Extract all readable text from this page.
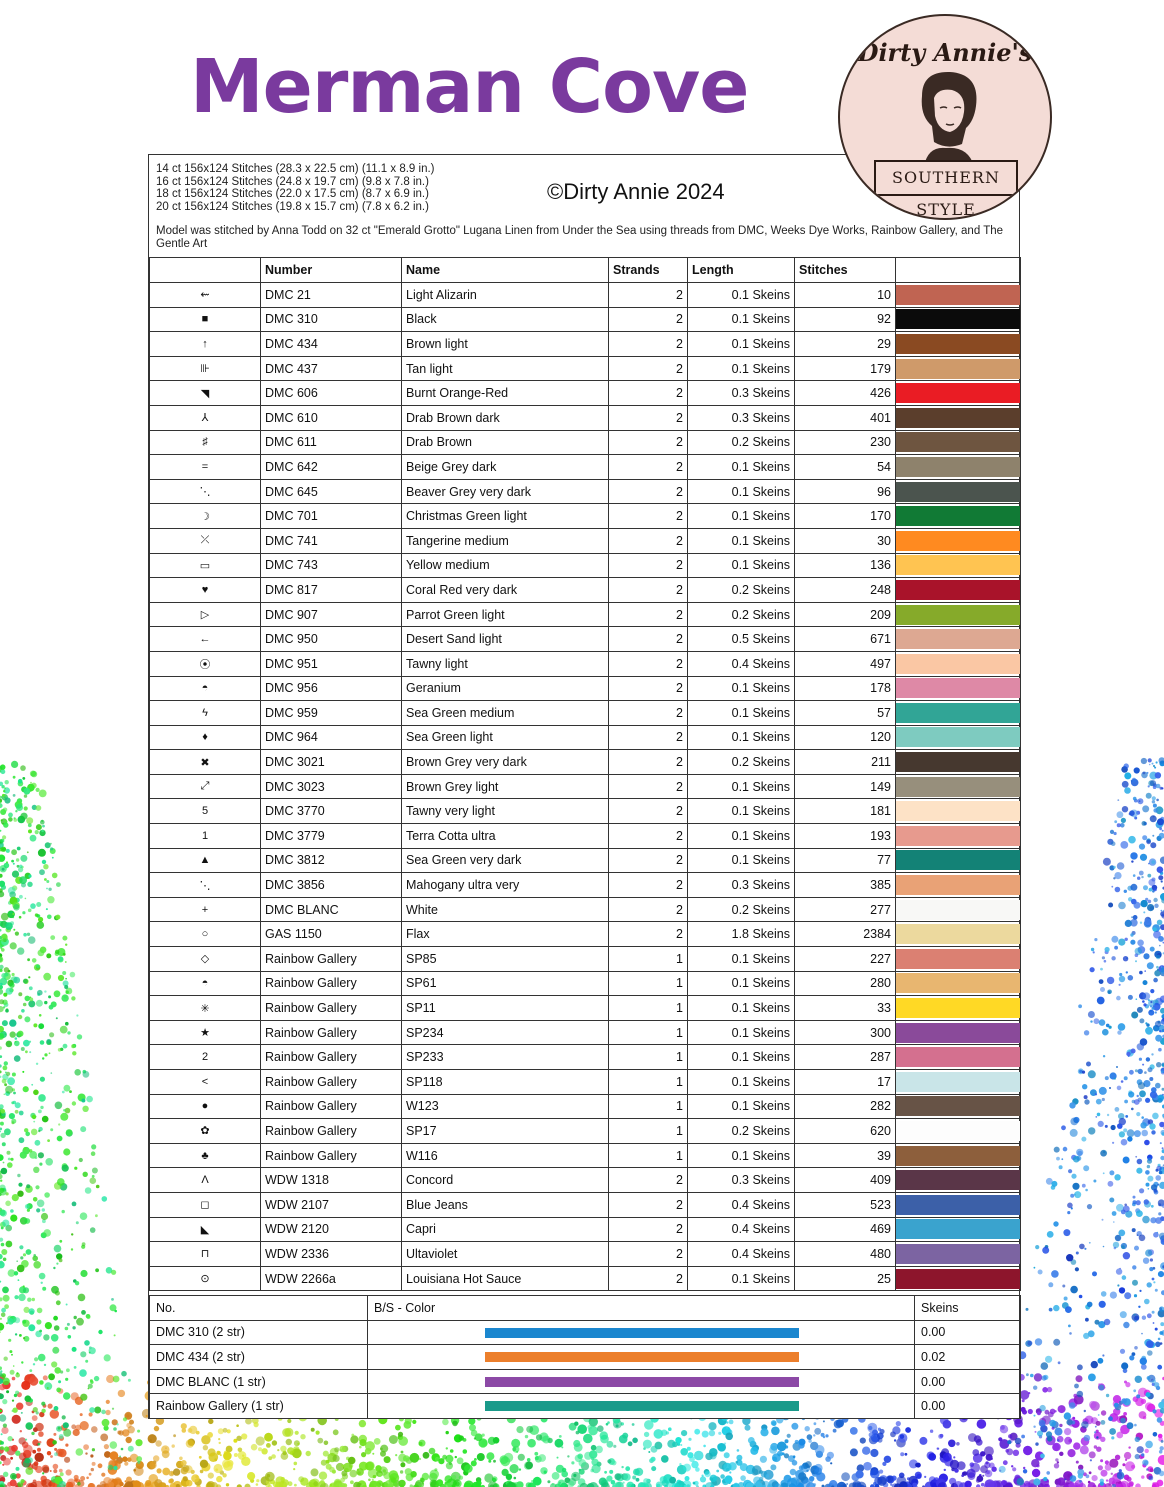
Merman Cove	Dirty Annie's
SOUTHERN STYLE
14 ct 156x124 Stitches (28.3 x 22.5 cm) (11.1 x 8.9 in.)
16 ct 156x124 Stitches (24.8 x 19.7 cm) (9.8 x 7.8 in.)
18 ct 156x124 Stitches (22.0 x 17.5 cm) (8.7 x 6.9 in.)
20 ct 156x124 Stitches (19.8 x 15.7 cm) (7.8 x 6.2 in.)
©Dirty Annie 2024
Model was stitched by Anna Todd on 32 ct "Emerald Grotto" Lugana Linen from Under the Sea using threads from DMC, Weeks Dye Works, Rainbow Gallery, and The Gentle Art
	Number	Name	Strands	Length	Stitches	
⇜	DMC 21	Light Alizarin	2	0.1 Skeins	10	

■	DMC 310	Black	2	0.1 Skeins	92	

↑	DMC 434	Brown light	2	0.1 Skeins	29	

⊪	DMC 437	Tan light	2	0.1 Skeins	179	

◥	DMC 606	Burnt Orange-Red	2	0.3 Skeins	426	

⅄	DMC 610	Drab Brown dark	2	0.3 Skeins	401	

♯	DMC 611	Drab Brown	2	0.2 Skeins	230	

=	DMC 642	Beige Grey dark	2	0.1 Skeins	54	

⋱	DMC 645	Beaver Grey very dark	2	0.1 Skeins	96	

☽	DMC 701	Christmas Green light	2	0.1 Skeins	170	

⤫	DMC 741	Tangerine medium	2	0.1 Skeins	30	

▭	DMC 743	Yellow medium	2	0.1 Skeins	136	

♥	DMC 817	Coral Red very dark	2	0.2 Skeins	248	

▷	DMC 907	Parrot Green light	2	0.2 Skeins	209	

←	DMC 950	Desert Sand light	2	0.5 Skeins	671	

⦿	DMC 951	Tawny light	2	0.4 Skeins	497	

◓	DMC 956	Geranium	2	0.1 Skeins	178	

ϟ	DMC 959	Sea Green medium	2	0.1 Skeins	57	

♦	DMC 964	Sea Green light	2	0.1 Skeins	120	

✖	DMC 3021	Brown Grey very dark	2	0.2 Skeins	211	

⤢	DMC 3023	Brown Grey light	2	0.1 Skeins	149	

5	DMC 3770	Tawny very light	2	0.1 Skeins	181	

1	DMC 3779	Terra Cotta ultra	2	0.1 Skeins	193	

▲	DMC 3812	Sea Green very dark	2	0.1 Skeins	77	

⋱	DMC 3856	Mahogany ultra very	2	0.3 Skeins	385	

+	DMC BLANC	White	2	0.2 Skeins	277	

○	GAS 1150	Flax	2	1.8 Skeins	2384	

◇	Rainbow Gallery	SP85	1	0.1 Skeins	227	

◓	Rainbow Gallery	SP61	1	0.1 Skeins	280	

✳	Rainbow Gallery	SP11	1	0.1 Skeins	33	

★	Rainbow Gallery	SP234	1	0.1 Skeins	300	

2	Rainbow Gallery	SP233	1	0.1 Skeins	287	

<	Rainbow Gallery	SP118	1	0.1 Skeins	17	

●	Rainbow Gallery	W123	1	0.1 Skeins	282	

✿	Rainbow Gallery	SP17	1	0.2 Skeins	620	

♣	Rainbow Gallery	W116	1	0.1 Skeins	39	

Λ	WDW 1318	Concord	2	0.3 Skeins	409	

◻	WDW 2107	Blue Jeans	2	0.4 Skeins	523	

◣	WDW 2120	Capri	2	0.4 Skeins	469	

⊓	WDW 2336	Ultaviolet	2	0.4 Skeins	480	

⊙	WDW 2266a	Louisiana Hot Sauce	2	0.1 Skeins	25	
No.	B/S - Color	Skeins
DMC 310 (2 str)		0.00
DMC 434 (2 str)		0.02
DMC BLANC (1 str)		0.00
Rainbow Gallery (1 str)		0.00
